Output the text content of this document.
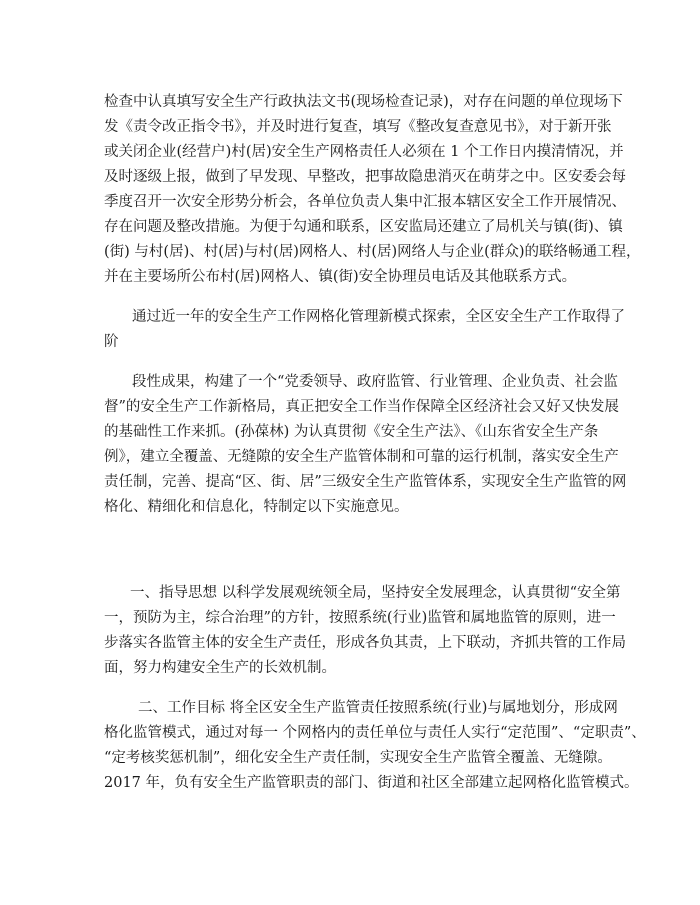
检查中认真填写安全生产行政执法文书(现场检查记录)，对存在问题的单位现场下
发《责令改正指令书》，并及时进行复查，填写《整改复查意见书》，对于新开张
或关闭企业(经营户)村(居)安全生产网格责任人必须在 1 个工作日内摸清情况，并
及时逐级上报，做到了早发现、早整改，把事故隐患消灭在萌芽之中。区安委会每
季度召开一次安全形势分析会，各单位负责人集中汇报本辖区安全工作开展情况、
存在问题及整改措施。为便于勾通和联系，区安监局还建立了局机关与镇(街)、镇
(街) 与村(居)、村(居)与村(居)网格人、村(居)网络人与企业(群众)的联络畅通工程，
并在主要场所公布村(居)网格人、镇(街)安全协理员电话及其他联系方式。
通过近一年的安全生产工作网格化管理新模式探索，全区安全生产工作取得了
阶
段性成果，构建了一个“党委领导、政府监管、行业管理、企业负责、社会监
督”的安全生产工作新格局，真正把安全工作当作保障全区经济社会又好又快发展
的基础性工作来抓。(孙葆林) 为认真贯彻《安全生产法》、《山东省安全生产条
例》，建立全覆盖、无缝隙的安全生产监管体制和可靠的运行机制，落实安全生产
责任制，完善、提高“区、街、居”三级安全生产监管体系，实现安全生产监管的网
格化、精细化和信息化，特制定以下实施意见。
一、指导思想 以科学发展观统领全局，坚持安全发展理念，认真贯彻“安全第
一，预防为主，综合治理”的方针，按照系统(行业)监管和属地监管的原则，进一
步落实各监管主体的安全生产责任，形成各负其责，上下联动，齐抓共管的工作局
面，努力构建安全生产的长效机制。
二、工作目标 将全区安全生产监管责任按照系统(行业)与属地划分，形成网
格化监管模式，通过对每一 个网格内的责任单位与责任人实行“定范围”、“定职责”、
“定考核奖惩机制”，细化安全生产责任制，实现安全生产监管全覆盖、无缝隙。
2017 年，负有安全生产监管职责的部门、街道和社区全部建立起网格化监管模式。
